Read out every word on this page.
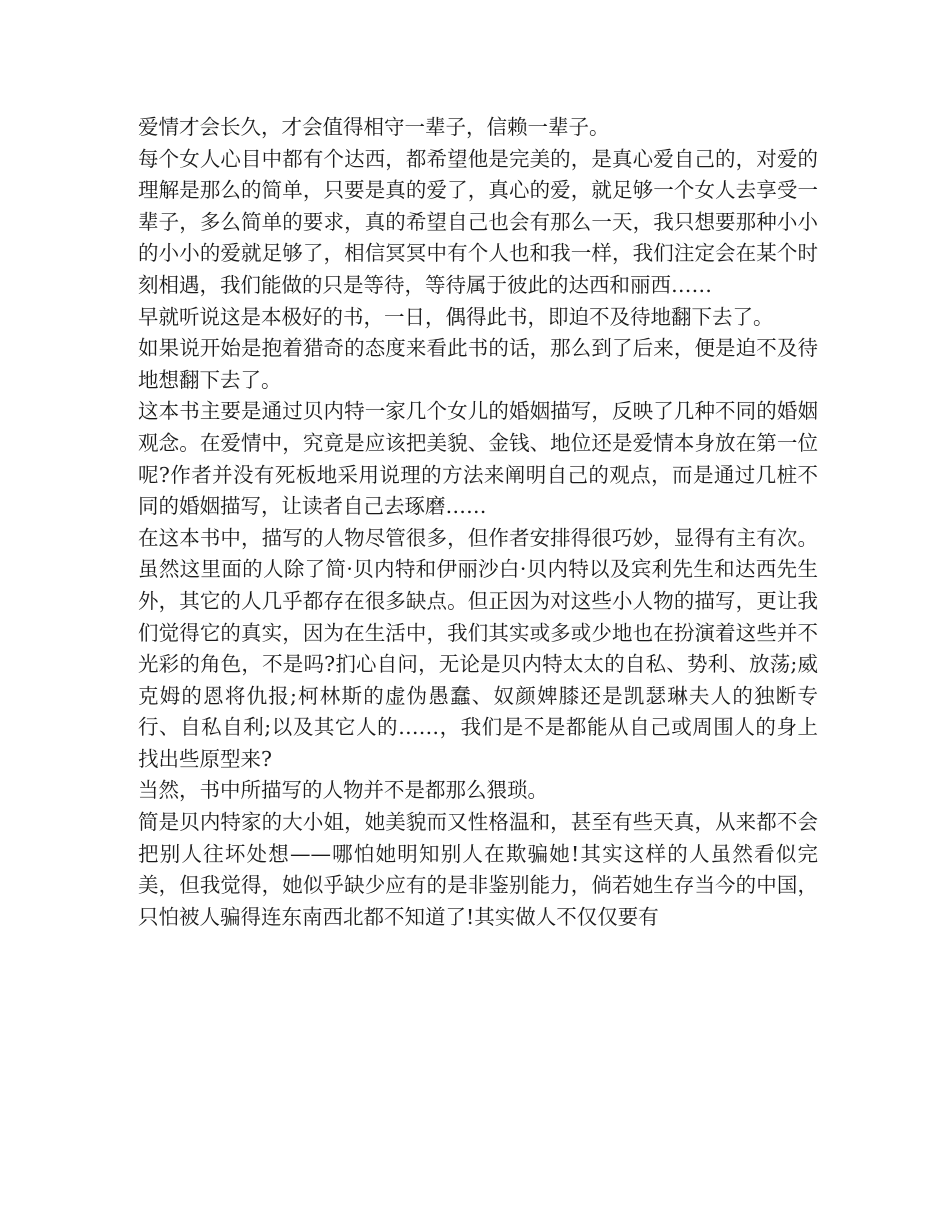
爱情才会长久，才会值得相守一辈子，信赖一辈子。

每个女人心目中都有个达西，都希望他是完美的，是真心爱自己的，对爱的理解是那么的简单，只要是真的爱了，真心的爱，就足够一个女人去享受一辈子，多么简单的要求，真的希望自己也会有那么一天，我只想要那种小小的小小的爱就足够了，相信冥冥中有个人也和我一样，我们注定会在某个时刻相遇，我们能做的只是等待，等待属于彼此的达西和丽西……

早就听说这是本极好的书，一日，偶得此书，即迫不及待地翻下去了。

如果说开始是抱着猎奇的态度来看此书的话，那么到了后来，便是迫不及待地想翻下去了。

这本书主要是通过贝内特一家几个女儿的婚姻描写，反映了几种不同的婚姻观念。在爱情中，究竟是应该把美貌、金钱、地位还是爱情本身放在第一位呢?作者并没有死板地采用说理的方法来阐明自己的观点，而是通过几桩不同的婚姻描写，让读者自己去琢磨……

在这本书中，描写的人物尽管很多，但作者安排得很巧妙，显得有主有次。虽然这里面的人除了简·贝内特和伊丽沙白·贝内特以及宾利先生和达西先生外，其它的人几乎都存在很多缺点。但正因为对这些小人物的描写，更让我们觉得它的真实，因为在生活中，我们其实或多或少地也在扮演着这些并不光彩的角色，不是吗?扪心自问，无论是贝内特太太的自私、势利、放荡;威克姆的恩将仇报;柯林斯的虚伪愚蠢、奴颜婢膝还是凯瑟琳夫人的独断专行、自私自利;以及其它人的……，我们是不是都能从自己或周围人的身上找出些原型来?

当然，书中所描写的人物并不是都那么猥琐。

简是贝内特家的大小姐，她美貌而又性格温和，甚至有些天真，从来都不会把别人往坏处想——哪怕她明知别人在欺骗她!其实这样的人虽然看似完美，但我觉得，她似乎缺少应有的是非鉴别能力，倘若她生存当今的中国，只怕被人骗得连东南西北都不知道了!其实做人不仅仅要有
